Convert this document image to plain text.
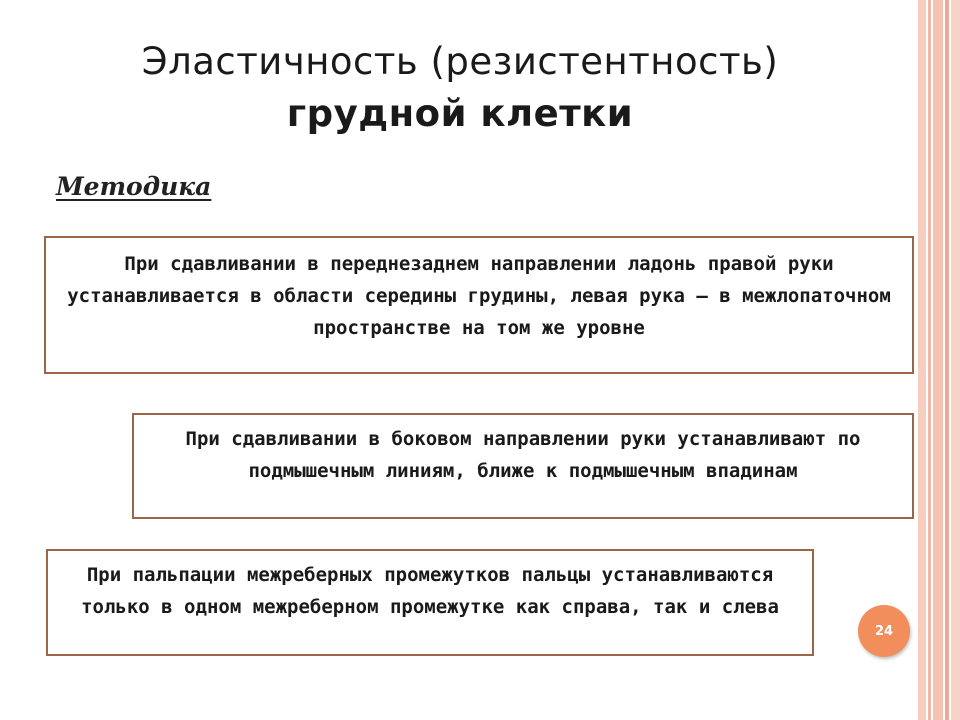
Эластичность (резистентность)
грудной клетки
Методика
При сдавливании в переднезаднем направлении ладонь правой руки устанавливается в области середины грудины, левая рука – в межлопаточном пространстве на том же уровне
При сдавливании в боковом направлении руки устанавливают по подмышечным линиям, ближе к подмышечным впадинам
При пальпации межреберных промежутков пальцы устанавливаются только в одном межреберном промежутке как справа, так и слева
24
